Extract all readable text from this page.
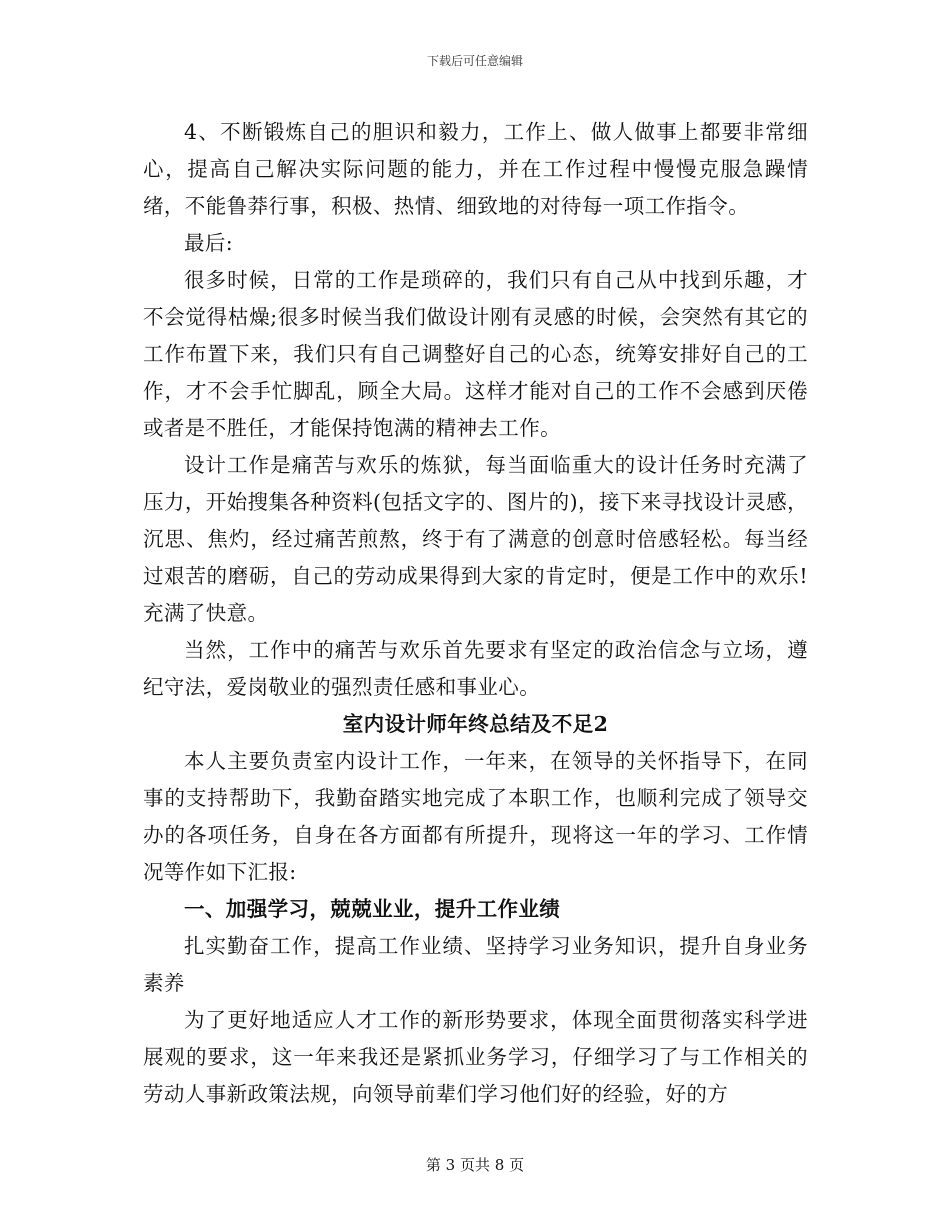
下载后可任意编辑

4、不断锻炼自己的胆识和毅力，工作上、做人做事上都要非常细心，提高自己解决实际问题的能力，并在工作过程中慢慢克服急躁情绪，不能鲁莽行事，积极、热情、细致地的对待每一项工作指令。

最后:

很多时候，日常的工作是琐碎的，我们只有自己从中找到乐趣，才不会觉得枯燥;很多时候当我们做设计刚有灵感的时候，会突然有其它的工作布置下来，我们只有自己调整好自己的心态，统筹安排好自己的工作，才不会手忙脚乱，顾全大局。这样才能对自己的工作不会感到厌倦或者是不胜任，才能保持饱满的精神去工作。

设计工作是痛苦与欢乐的炼狱，每当面临重大的设计任务时充满了压力，开始搜集各种资料(包括文字的、图片的)，接下来寻找设计灵感，沉思、焦灼，经过痛苦煎熬，终于有了满意的创意时倍感轻松。每当经过艰苦的磨砺，自己的劳动成果得到大家的肯定时，便是工作中的欢乐!充满了快意。

当然，工作中的痛苦与欢乐首先要求有坚定的政治信念与立场，遵纪守法，爱岗敬业的强烈责任感和事业心。

室内设计师年终总结及不足2

本人主要负责室内设计工作，一年来，在领导的关怀指导下，在同事的支持帮助下，我勤奋踏实地完成了本职工作，也顺利完成了领导交办的各项任务，自身在各方面都有所提升，现将这一年的学习、工作情况等作如下汇报:

一、加强学习，兢兢业业，提升工作业绩

扎实勤奋工作，提高工作业绩、坚持学习业务知识，提升自身业务素养

为了更好地适应人才工作的新形势要求，体现全面贯彻落实科学进展观的要求，这一年来我还是紧抓业务学习，仔细学习了与工作相关的劳动人事新政策法规，向领导前辈们学习他们好的经验，好的方

第 3 页共 8 页
